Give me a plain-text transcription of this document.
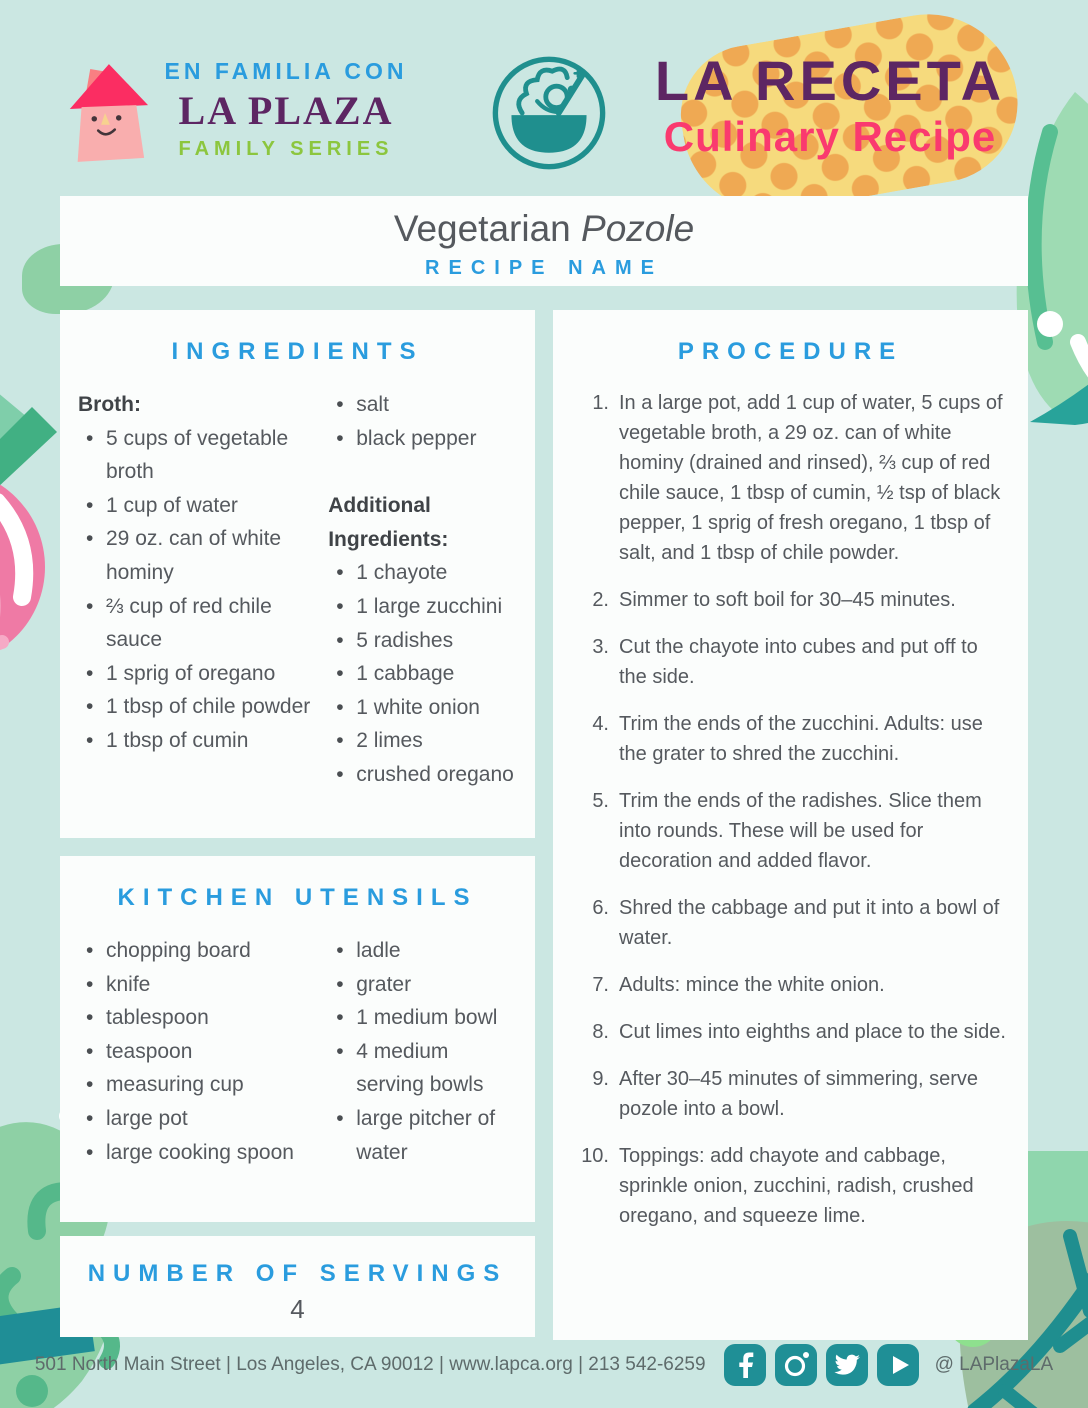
EN FAMILIA CON
LA PLAZA
FAMILY SERIES
LA RECETA
Culinary Recipe
Vegetarian Pozole
RECIPE NAME
INGREDIENTS
Broth:
• 5 cups of vegetable broth
• 1 cup of water
• 29 oz. can of white hominy
• ⅔ cup of red chile sauce
• 1 sprig of oregano
• 1 tbsp of chile powder
• 1 tbsp of cumin
• salt
• black pepper
Additional Ingredients:
• 1 chayote
• 1 large zucchini
• 5 radishes
• 1 cabbage
• 1 white onion
• 2 limes
• crushed oregano
KITCHEN UTENSILS
• chopping board
• knife
• tablespoon
• teaspoon
• measuring cup
• large pot
• large cooking spoon
• ladle
• grater
• 1 medium bowl
• 4 medium serving bowls
• large pitcher of water
NUMBER OF SERVINGS
4
PROCEDURE
1. In a large pot, add 1 cup of water, 5 cups of vegetable broth, a 29 oz. can of white hominy (drained and rinsed), ⅔ cup of red chile sauce, 1 tbsp of cumin, ½ tsp of black pepper, 1 sprig of fresh oregano, 1 tbsp of salt, and 1 tbsp of chile powder.
2. Simmer to soft boil for 30–45 minutes.
3. Cut the chayote into cubes and put off to the side.
4. Trim the ends of the zucchini. Adults: use the grater to shred the zucchini.
5. Trim the ends of the radishes. Slice them into rounds. These will be used for decoration and added flavor.
6. Shred the cabbage and put it into a bowl of water.
7. Adults: mince the white onion.
8. Cut limes into eighths and place to the side.
9. After 30–45 minutes of simmering, serve pozole into a bowl.
10. Toppings: add chayote and cabbage, sprinkle onion, zucchini, radish, crushed oregano, and squeeze lime.
501 North Main Street | Los Angeles, CA 90012 | www.lapca.org | 213 542-6259	@ LAPlazaLA
